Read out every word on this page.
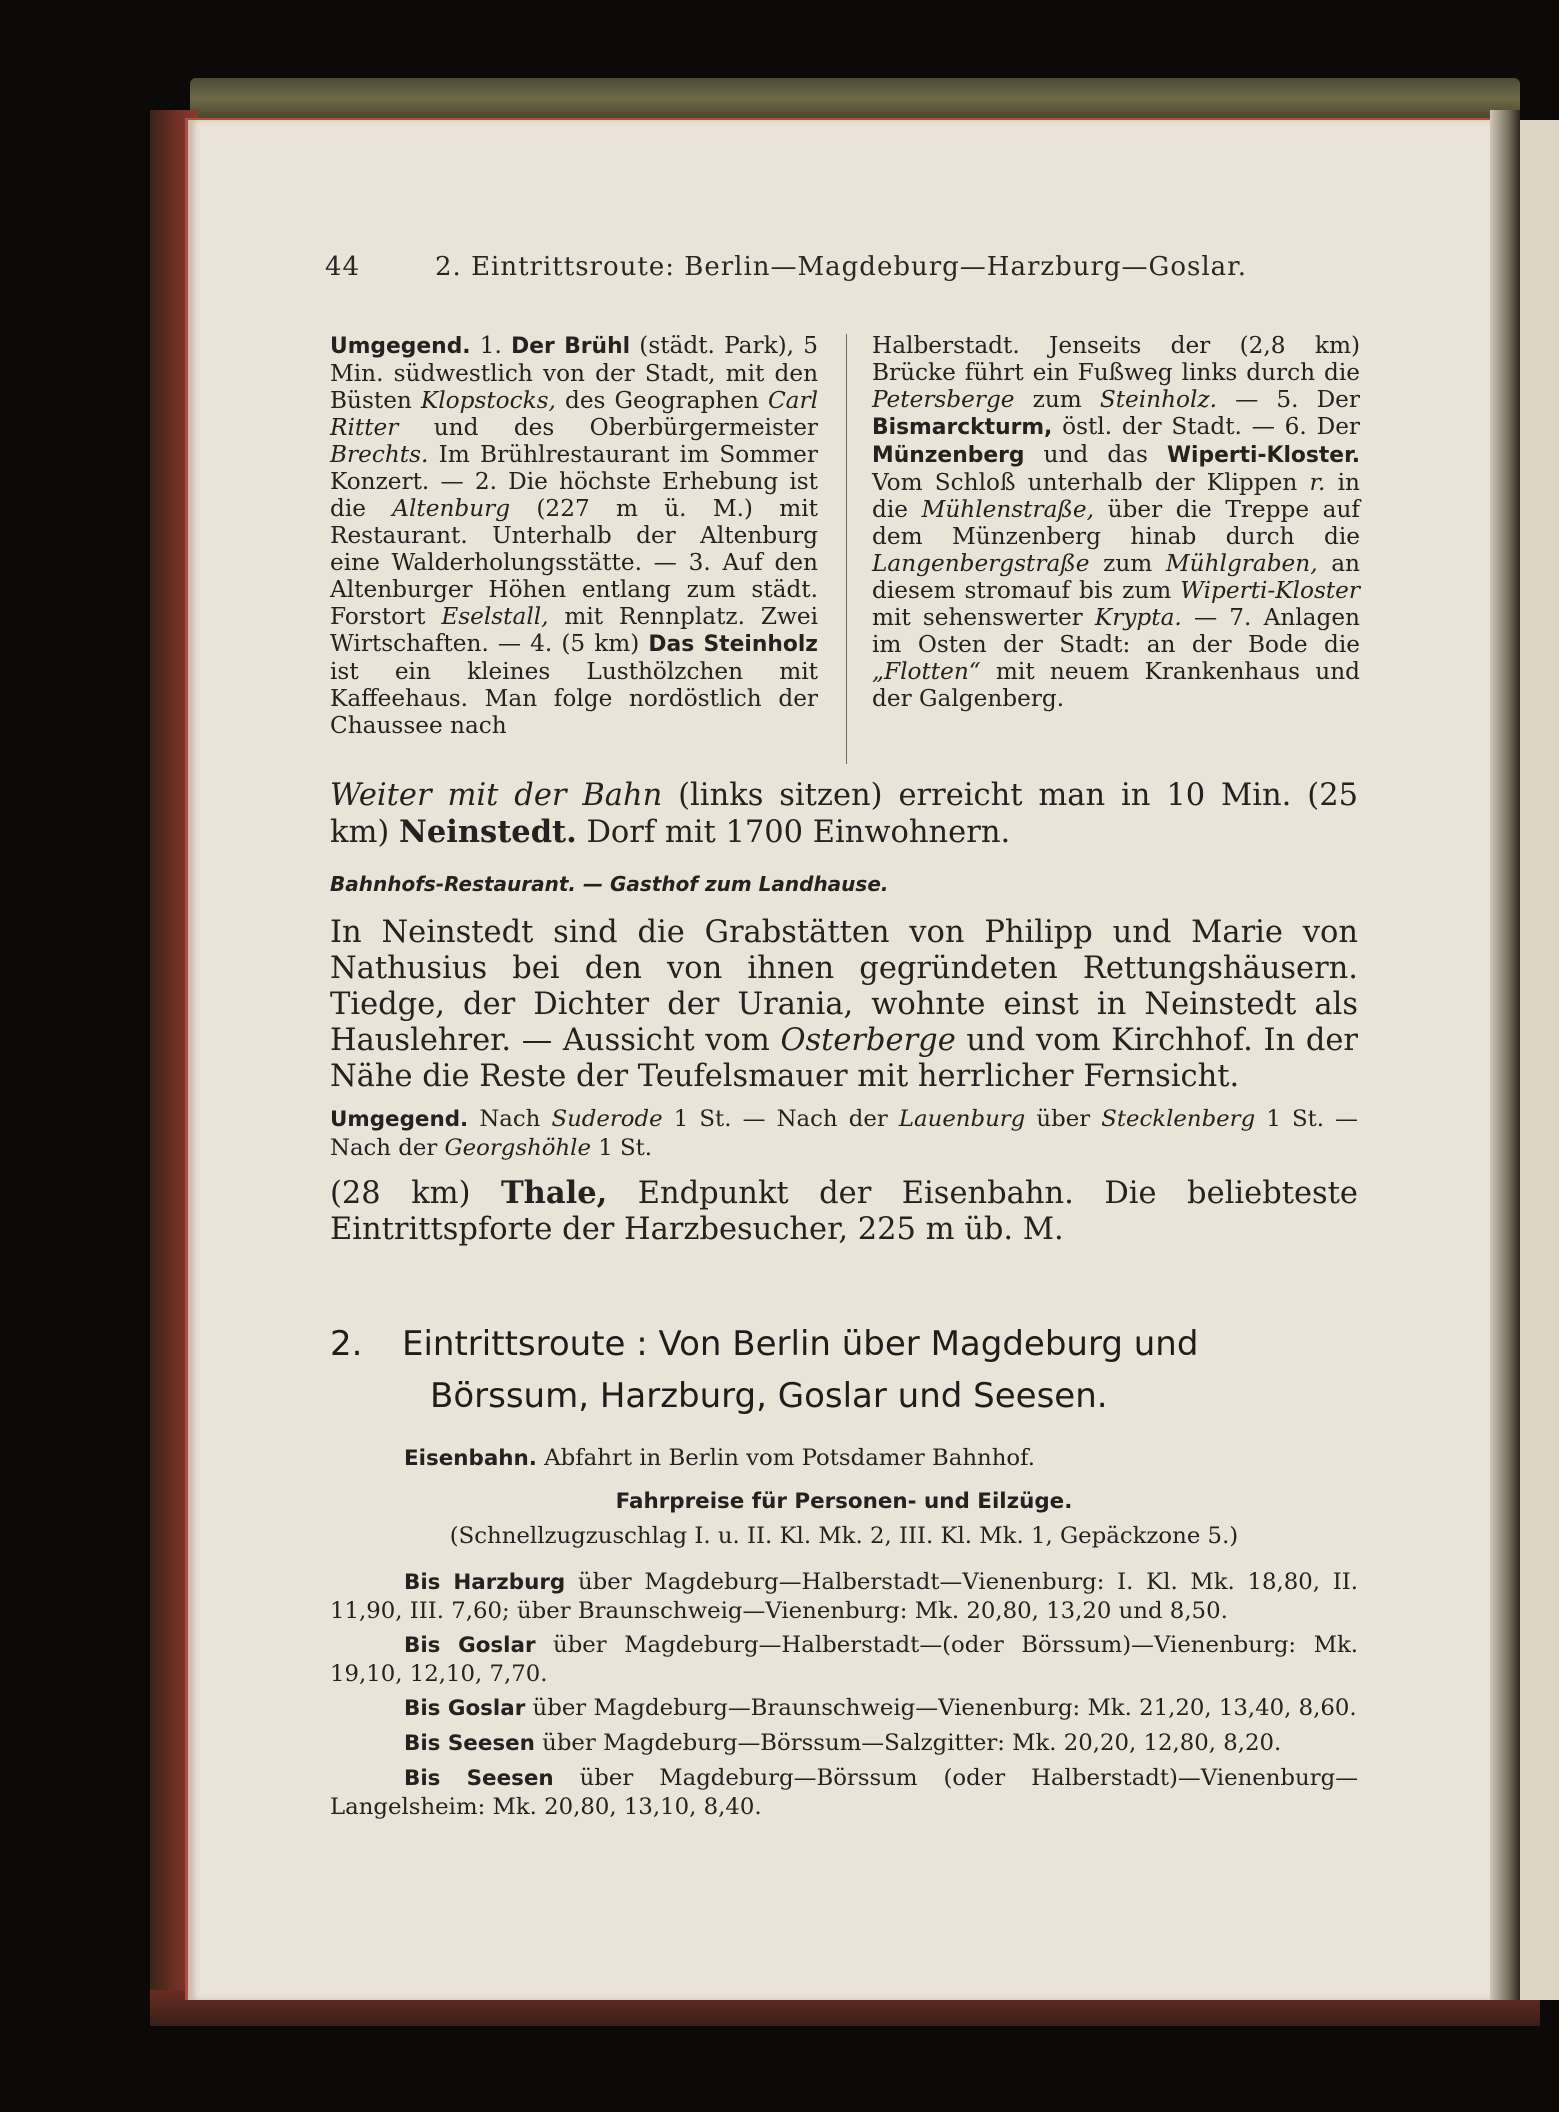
44	2. Eintrittsroute: Berlin—Magdeburg—Harzburg—Goslar.
Umgegend. 1. Der Brühl (städt. Park), 5 Min. südwestlich von der Stadt, mit den Büsten Klopstocks, des Geographen Carl Ritter und des Oberbürgermeister Brechts. Im Brühlrestaurant im Sommer Konzert. — 2. Die höchste Erhebung ist die Altenburg (227 m ü. M.) mit Restaurant. Unterhalb der Altenburg eine Walderholungsstätte. — 3. Auf den Altenburger Höhen entlang zum städt. Forstort Eselstall, mit Rennplatz. Zwei Wirtschaften. — 4. (5 km) Das Steinholz ist ein kleines Lusthölzchen mit Kaffeehaus. Man folge nordöstlich der Chaussee nach
Halberstadt. Jenseits der (2,8 km) Brücke führt ein Fußweg links durch die Petersberge zum Steinholz. — 5. Der Bismarckturm, östl. der Stadt. — 6. Der Münzenberg und das Wiperti-Kloster. Vom Schloß unterhalb der Klippen r. in die Mühlenstraße, über die Treppe auf dem Münzenberg hinab durch die Langenbergstraße zum Mühlgraben, an diesem stromauf bis zum Wiperti-Kloster mit sehenswerter Krypta. — 7. Anlagen im Osten der Stadt: an der Bode die „Flotten“ mit neuem Krankenhaus und der Galgenberg.
Weiter mit der Bahn (links sitzen) erreicht man in 10 Min. (25 km) Neinstedt. Dorf mit 1700 Einwohnern.
Bahnhofs-Restaurant. — Gasthof zum Landhause.
In Neinstedt sind die Grabstätten von Philipp und Marie von Nathusius bei den von ihnen gegründeten Rettungshäusern. Tiedge, der Dichter der Urania, wohnte einst in Neinstedt als Hauslehrer. — Aussicht vom Osterberge und vom Kirchhof. In der Nähe die Reste der Teufelsmauer mit herrlicher Fernsicht.
Umgegend. Nach Suderode 1 St. — Nach der Lauenburg über Stecklenberg 1 St. — Nach der Georgshöhle 1 St.
(28 km) Thale, Endpunkt der Eisenbahn. Die beliebteste Eintrittspforte der Harzbesucher, 225 m üb. M.
2. Eintrittsroute : Von Berlin über Magdeburg und
Börssum, Harzburg, Goslar und Seesen.
Eisenbahn. Abfahrt in Berlin vom Potsdamer Bahnhof.
Fahrpreise für Personen- und Eilzüge.
(Schnellzugzuschlag I. u. II. Kl. Mk. 2, III. Kl. Mk. 1, Gepäckzone 5.)
Bis Harzburg über Magdeburg—Halberstadt—Vienenburg: I. Kl. Mk. 18,80, II. 11,90, III. 7,60; über Braunschweig—Vienenburg: Mk. 20,80, 13,20 und 8,50.
Bis Goslar über Magdeburg—Halberstadt—(oder Börssum)—Vienenburg: Mk. 19,10, 12,10, 7,70.
Bis Goslar über Magdeburg—Braunschweig—Vienenburg: Mk. 21,20, 13,40, 8,60.
Bis Seesen über Magdeburg—Börssum—Salzgitter: Mk. 20,20, 12,80, 8,20.
Bis Seesen über Magdeburg—Börssum (oder Halberstadt)—Vienenburg—Langelsheim: Mk. 20,80, 13,10, 8,40.
